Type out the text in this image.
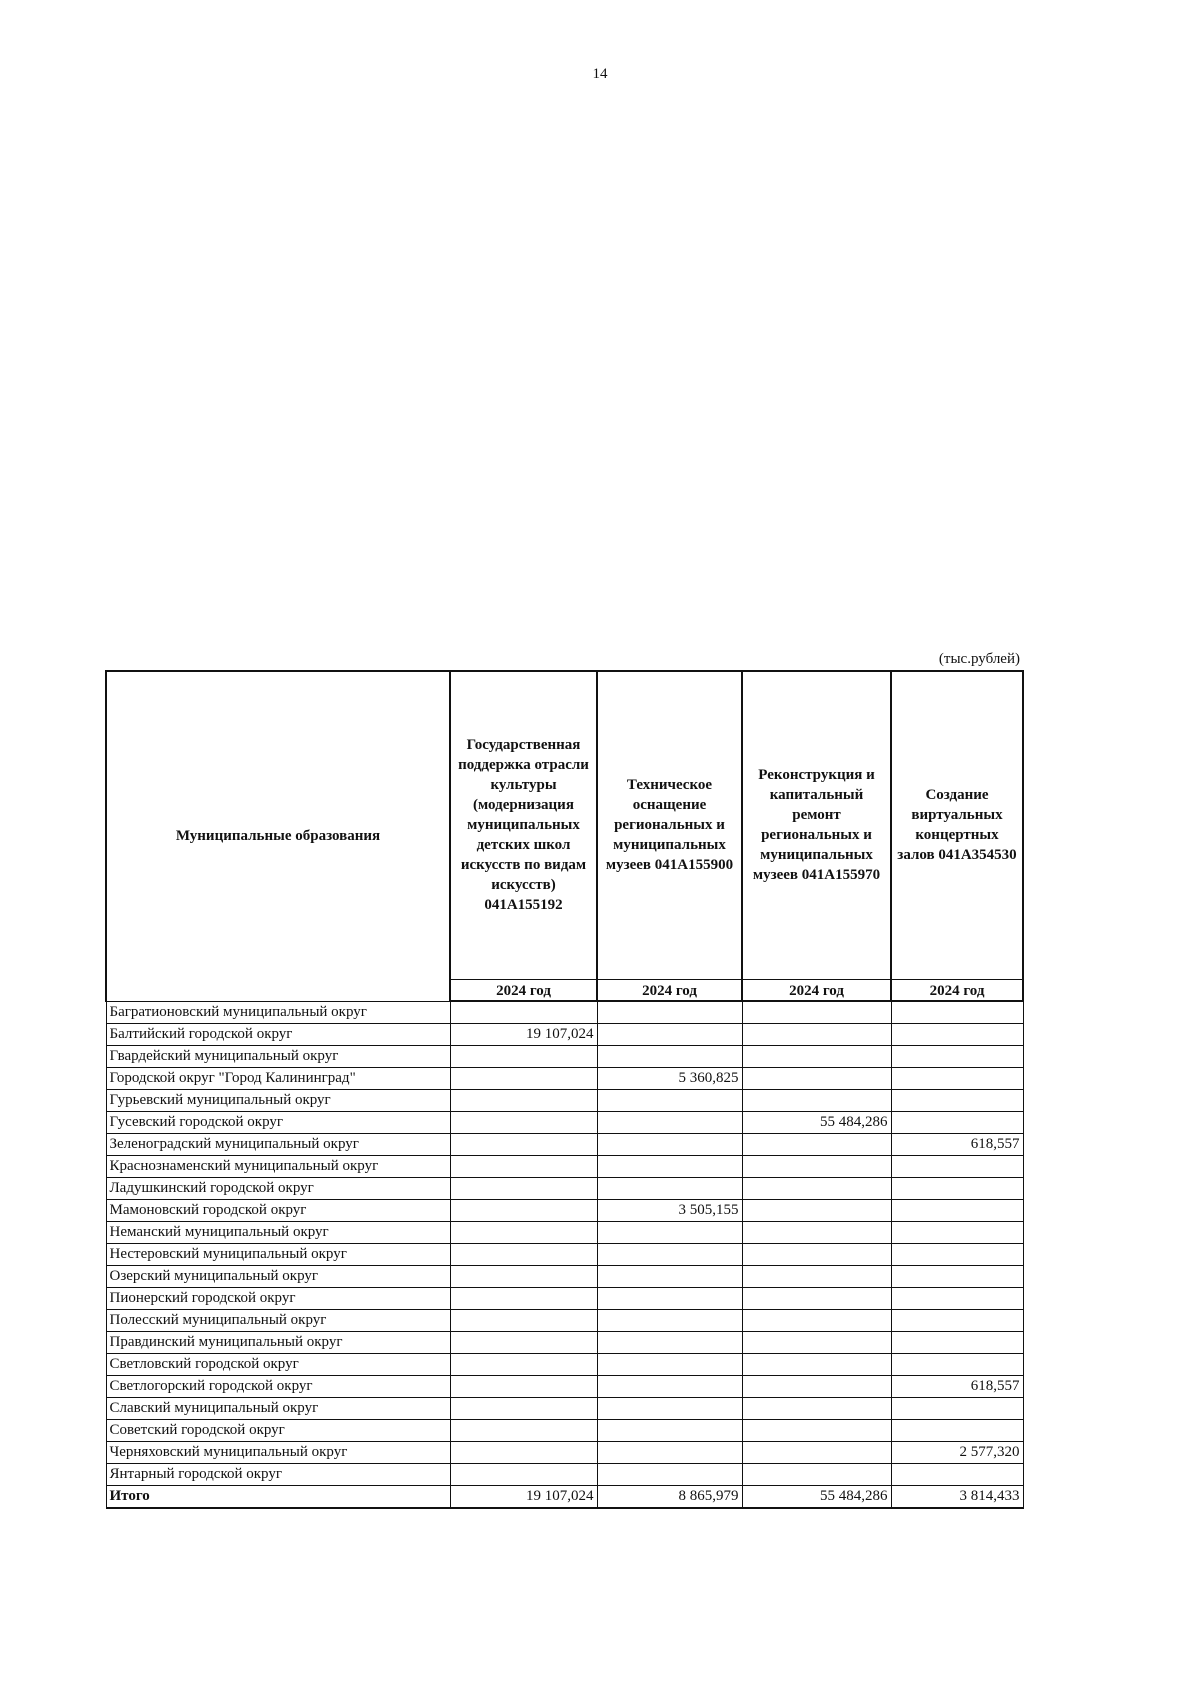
14
(тыс.рублей)
Муниципальные образования	Государственная поддержка отрасли культуры (модернизация муниципальных детских школ искусств по видам искусств) 041A155192	Техническое оснащение региональных и муниципальных музеев 041A155900	Реконструкция и капитальный ремонт региональных и муниципальных музеев 041A155970	Создание виртуальных концертных залов 041A354530
	2024 год	2024 год	2024 год	2024 год
Багратионовский муниципальный округ				
Балтийский городской округ	19 107,024			
Гвардейский муниципальный округ				
Городской округ "Город Калининград"		5 360,825		
Гурьевский муниципальный округ				
Гусевский городской округ			55 484,286	
Зеленоградский муниципальный округ				618,557
Краснознаменский муниципальный округ				
Ладушкинский городской округ				
Мамоновский городской округ		3 505,155		
Неманский муниципальный округ				
Нестеровский муниципальный округ				
Озерский муниципальный округ				
Пионерский городской округ				
Полесский муниципальный округ				
Правдинский муниципальный округ				
Светловский городской округ				
Светлогорский городской округ				618,557
Славский муниципальный округ				
Советский городской округ				
Черняховский муниципальный округ				2 577,320
Янтарный городской округ				
Итого	19 107,024	8 865,979	55 484,286	3 814,433
